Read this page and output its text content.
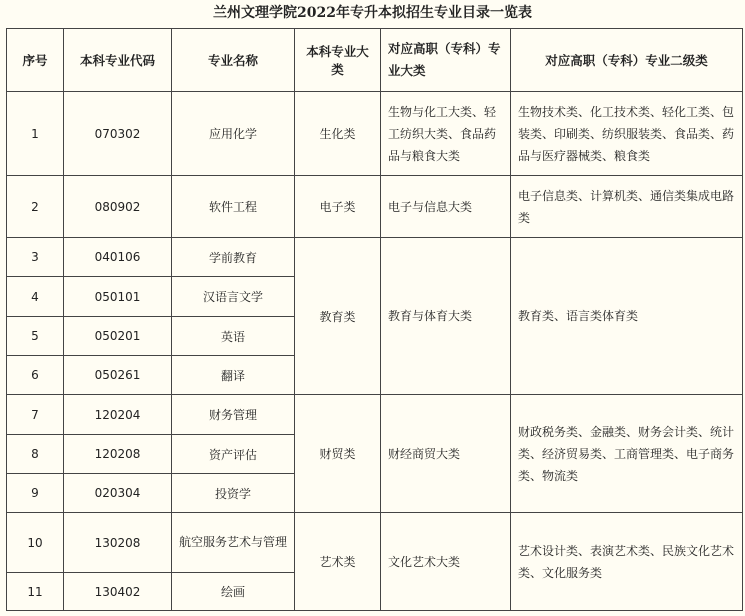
兰州文理学院2022年专升本拟招生专业目录一览表
序号	本科专业代码	专业名称	本科专业大类	对应高职（专科）专业大类	对应高职（专科）专业二级类
1	070302	应用化学	生化类	生物与化工大类、轻工纺织大类、食品药品与粮食大类	生物技术类、化工技术类、轻化工类、包装类、印刷类、纺织服装类、食品类、药品与医疗器械类、粮食类
2	080902	软件工程	电子类	电子与信息大类	电子信息类、计算机类、通信类集成电路类
3	040106	学前教育	教育类	教育与体育大类	教育类、语言类体育类
4	050101	汉语言文学			
5	050201	英语			
6	050261	翻译			
7	120204	财务管理	财贸类	财经商贸大类	财政税务类、金融类、财务会计类、统计类、经济贸易类、工商管理类、电子商务类、物流类
8	120208	资产评估			
9	020304	投资学			
10	130208	航空服务艺术与管理	艺术类	文化艺术大类	艺术设计类、表演艺术类、民族文化艺术类、文化服务类
11	130402	绘画			
